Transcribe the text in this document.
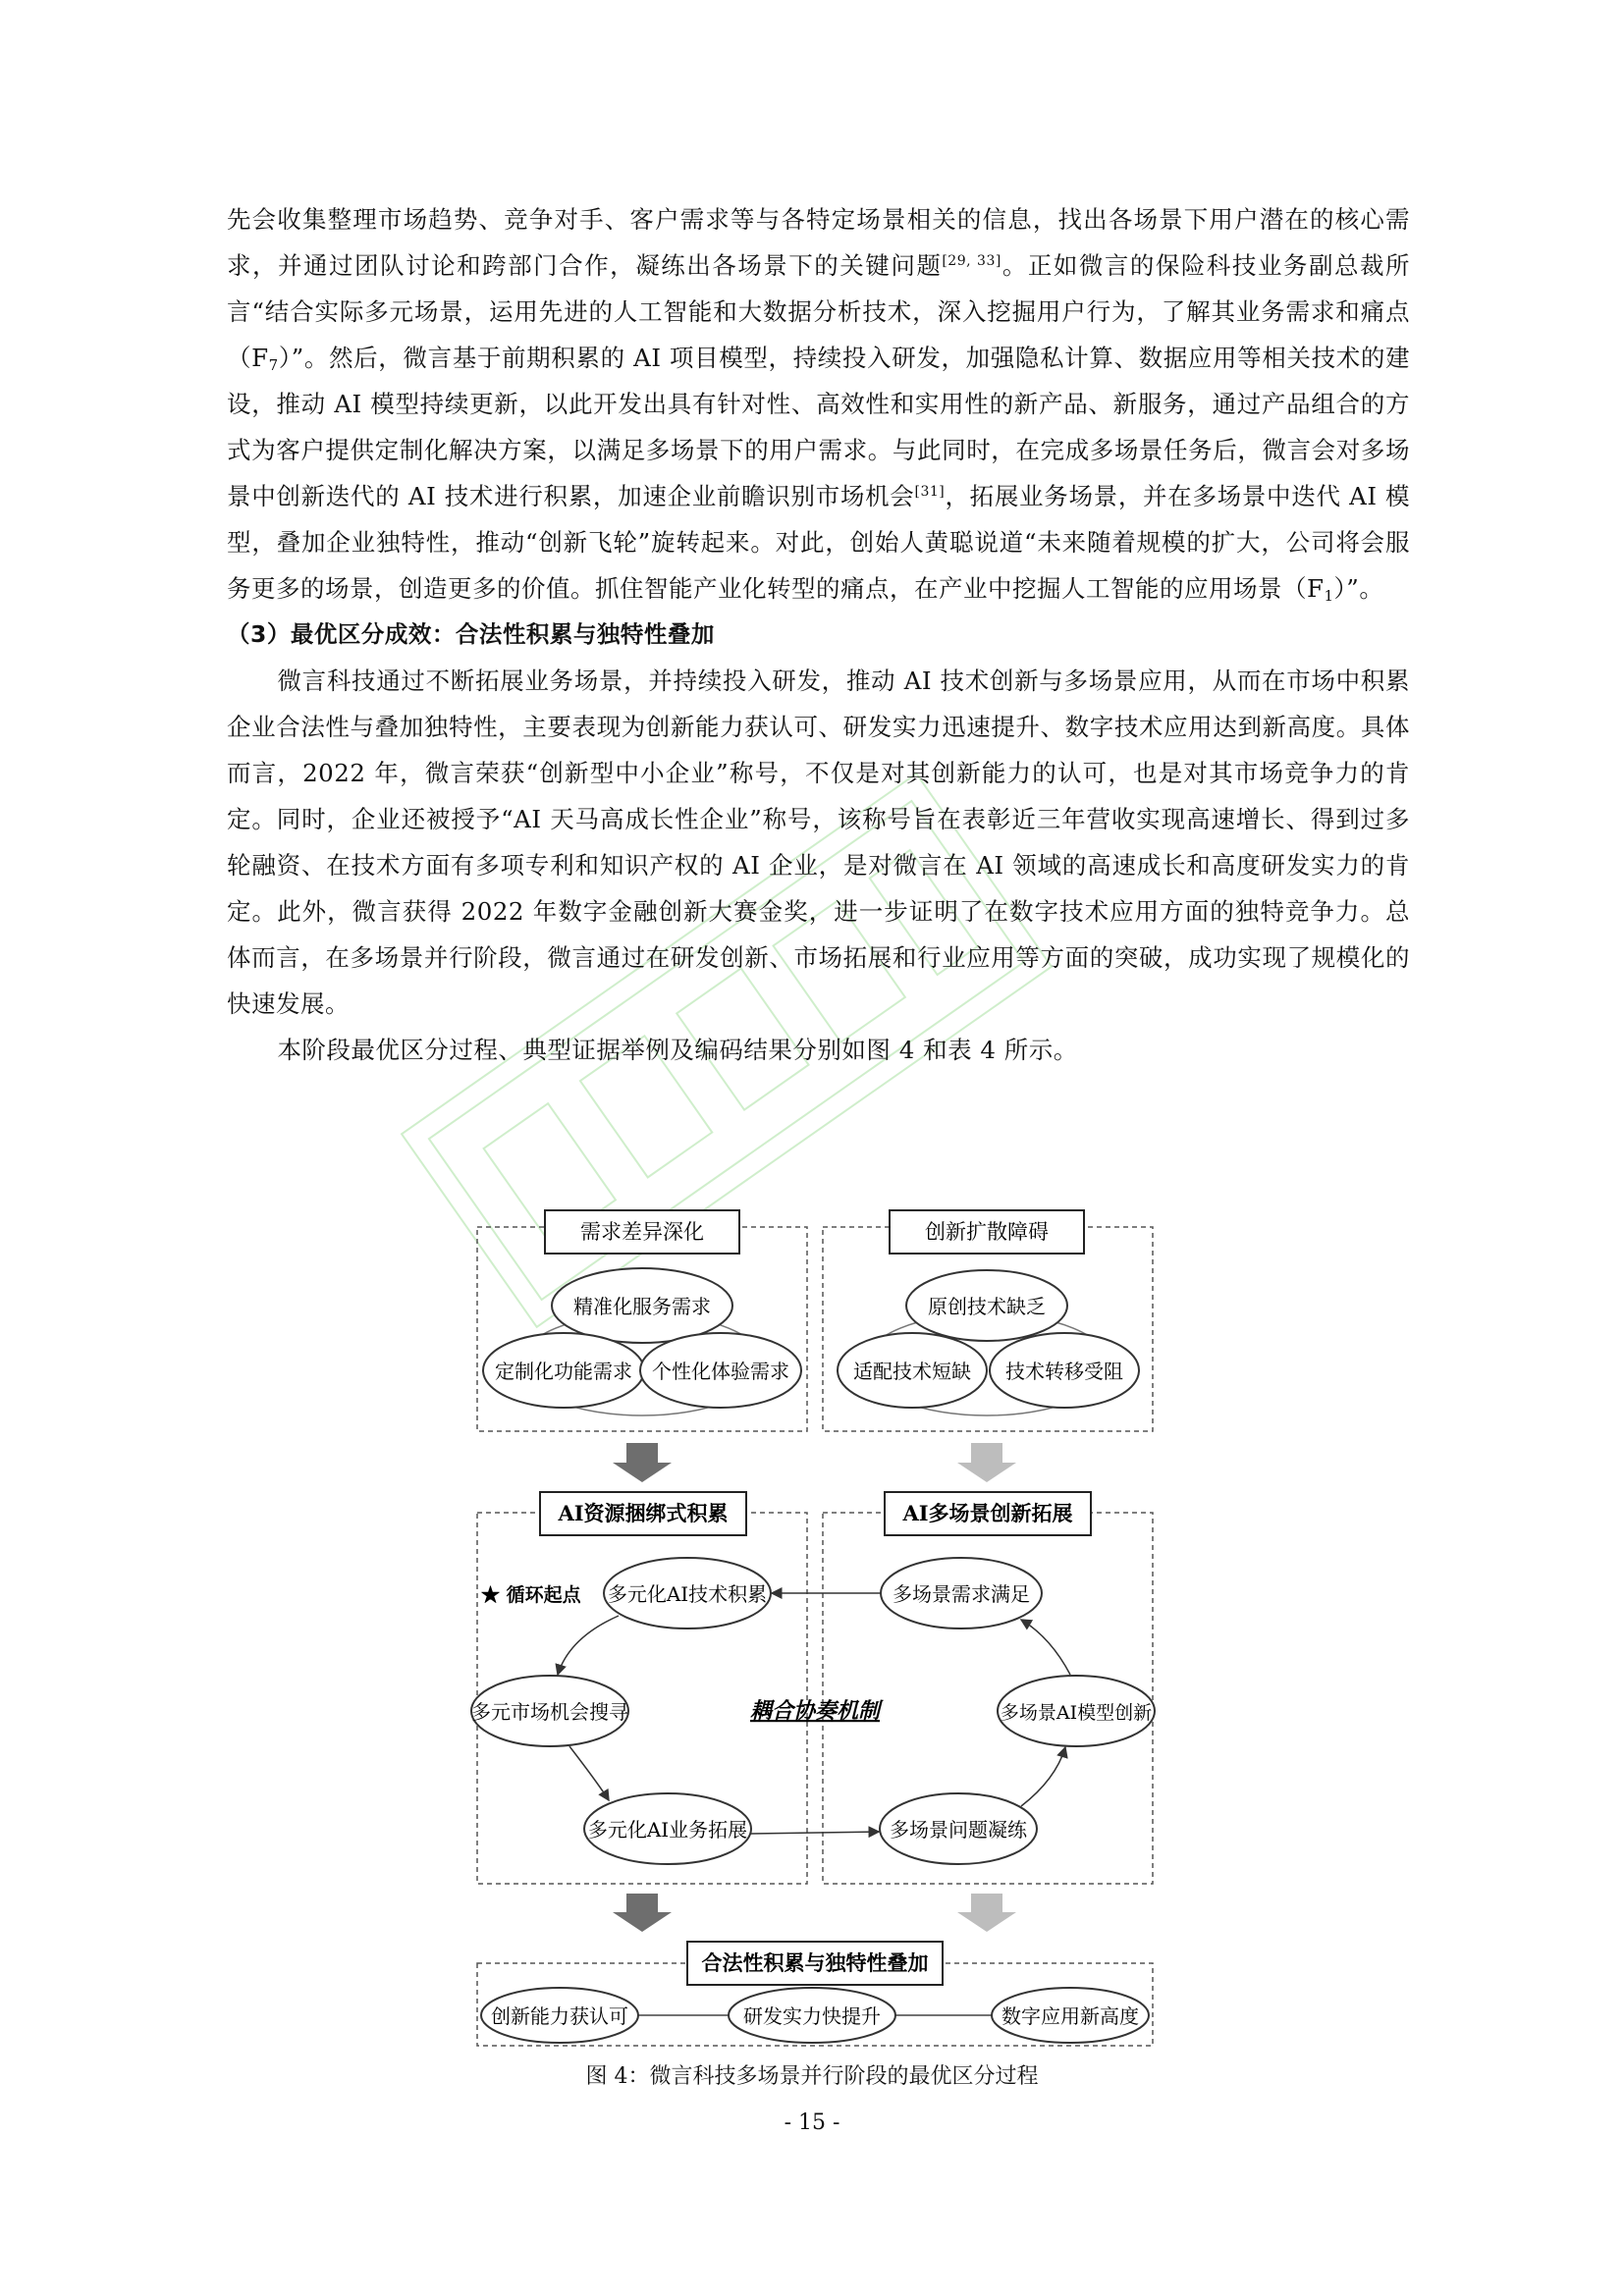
先会收集整理市场趋势、竞争对手、客户需求等与各特定场景相关的信息，找出各场景下用户潜在的核心需求，并通过团队讨论和跨部门合作，凝练出各场景下的关键问题[29, 33]。正如微言的保险科技业务副总裁所言“结合实际多元场景，运用先进的人工智能和大数据分析技术，深入挖掘用户行为，了解其业务需求和痛点$(F_7)$”。然后，微言基于前期积累的 AI 项目模型，持续投入研发，加强隐私计算、数据应用等相关技术的建设，推动 AI 模型持续更新，以此开发出具有针对性、高效性和实用性的新产品、新服务，通过产品组合的方式为客户提供定制化解决方案，以满足多场景下的用户需求。与此同时，在完成多场景任务后，微言会对多场景中创新迭代的 AI 技术进行积累，加速企业前瞻识别市场机会[31]，拓展业务场景，并在多场景中迭代 AI 模型，叠加企业独特性，推动“创新飞轮”旋转起来。对此，创始人黄聪说道“未来随着规模的扩大，公司将会服务更多的场景，创造更多的价值。抓住智能产业化转型的痛点，在产业中挖掘人工智能的应用场景$(F_1)$”。

（3）最优区分成效：合法性积累与独特性叠加

微言科技通过不断拓展业务场景，并持续投入研发，推动 AI 技术创新与多场景应用，从而在市场中积累企业合法性与叠加独特性，主要表现为创新能力获认可、研发实力迅速提升、数字技术应用达到新高度。具体而言，2022 年，微言荣获“创新型中小企业”称号，不仅是对其创新能力的认可，也是对其市场竞争力的肯定。同时，企业还被授予“AI 天马高成长性企业”称号，该称号旨在表彰近三年营收实现高速增长、得到过多轮融资、在技术方面有多项专利和知识产权的 AI 企业，是对微言在 AI 领域的高速成长和高度研发实力的肯定。此外，微言获得 2022 年数字金融创新大赛金奖，进一步证明了在数字技术应用方面的独特竞争力。总体而言，在多场景并行阶段，微言通过在研发创新、市场拓展和行业应用等方面的突破，成功实现了规模化的快速发展。

本阶段最优区分过程、典型证据举例及编码结果分别如图 4 和表 4 所示。

需求差异深化
精准化服务需求
定制化功能需求 个性化体验需求
创新扩散障碍
原创技术缺乏
适配技术短缺 技术转移受阻
AI资源捆绑式积累	AI多场景创新拓展
多元化AI技术积累
多元市场机会搜寻
多元化AI业务拓展
多场景需求满足
多场景AI模型创新
多场景问题凝练
★ 循环起点
耦合协奏机制
合法性积累与独特性叠加
创新能力获认可	研发实力快提升	数字应用新高度
图 4：微言科技多场景并行阶段的最优区分过程
- 15 -
